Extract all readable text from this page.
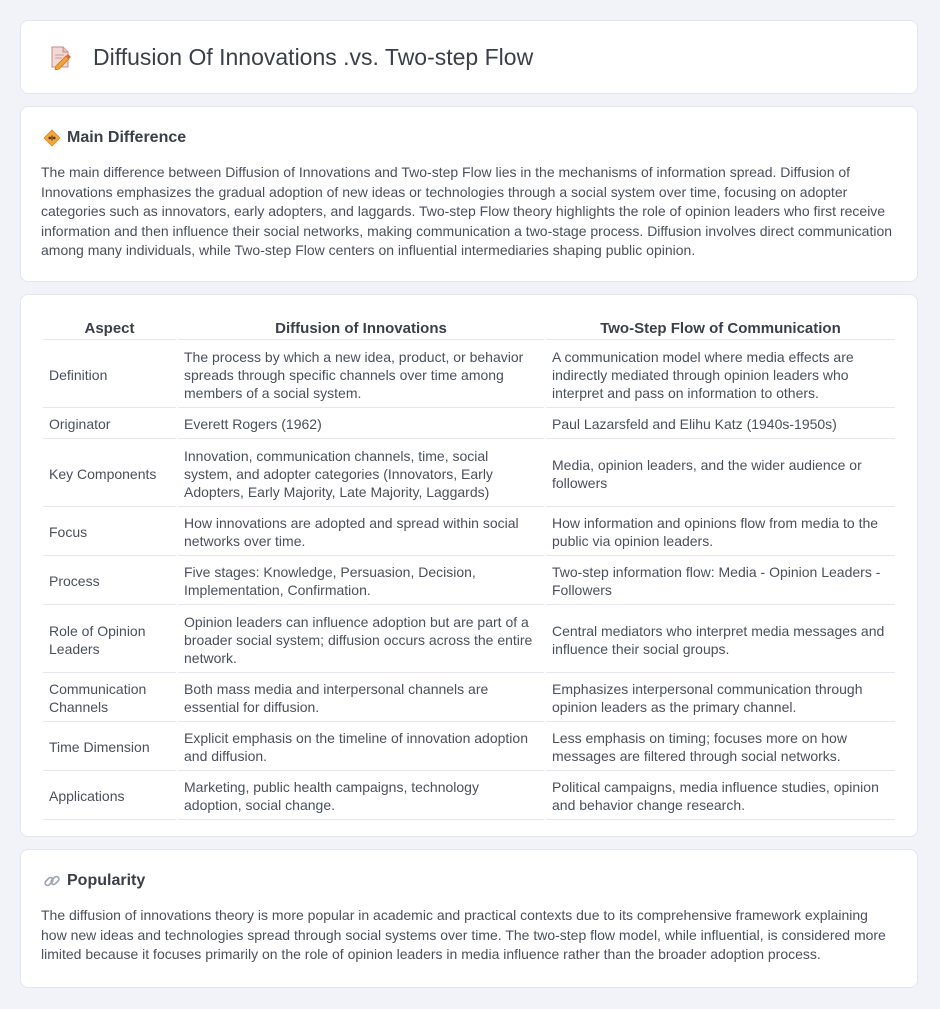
Diffusion Of Innovations .vs. Two-step Flow
Main Difference

The main difference between Diffusion of Innovations and Two-step Flow lies in the mechanisms of information spread. Diffusion of Innovations emphasizes the gradual adoption of new ideas or technologies through a social system over time, focusing on adopter categories such as innovators, early adopters, and laggards. Two-step Flow theory highlights the role of opinion leaders who first receive information and then influence their social networks, making communication a two-stage process. Diffusion involves direct communication among many individuals, while Two-step Flow centers on influential intermediaries shaping public opinion.

Aspect	Diffusion of Innovations	Two-Step Flow of Communication
Definition	The process by which a new idea, product, or behavior spreads through specific channels over time among members of a social system.	A communication model where media effects are indirectly mediated through opinion leaders who interpret and pass on information to others.
Originator	Everett Rogers (1962)	Paul Lazarsfeld and Elihu Katz (1940s-1950s)
Key Components	Innovation, communication channels, time, social system, and adopter categories (Innovators, Early Adopters, Early Majority, Late Majority, Laggards)	Media, opinion leaders, and the wider audience or followers
Focus	How innovations are adopted and spread within social networks over time.	How information and opinions flow from media to the public via opinion leaders.
Process	Five stages: Knowledge, Persuasion, Decision, Implementation, Confirmation.	Two-step information flow: Media - Opinion Leaders - Followers
Role of Opinion Leaders	Opinion leaders can influence adoption but are part of a broader social system; diffusion occurs across the entire network.	Central mediators who interpret media messages and influence their social groups.
Communication Channels	Both mass media and interpersonal channels are essential for diffusion.	Emphasizes interpersonal communication through opinion leaders as the primary channel.
Time Dimension	Explicit emphasis on the timeline of innovation adoption and diffusion.	Less emphasis on timing; focuses more on how messages are filtered through social networks.
Applications	Marketing, public health campaigns, technology adoption, social change.	Political campaigns, media influence studies, opinion and behavior change research.
Popularity

The diffusion of innovations theory is more popular in academic and practical contexts due to its comprehensive framework explaining how new ideas and technologies spread through social systems over time. The two-step flow model, while influential, is considered more limited because it focuses primarily on the role of opinion leaders in media influence rather than the broader adoption process.
